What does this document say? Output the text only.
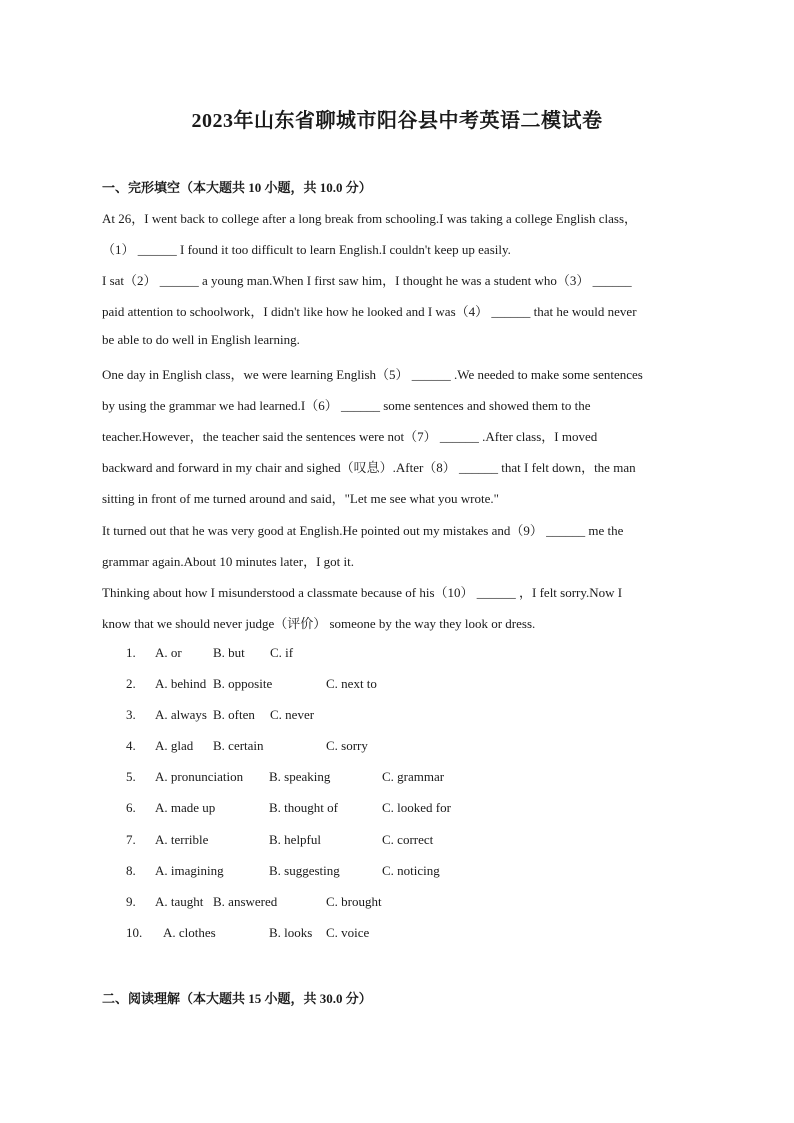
2023年山东省聊城市阳谷县中考英语二模试卷
一、完形填空（本大题共 10 小题，共 10.0 分）
At 26，I went back to college after a long break from schooling.I was taking a college English class，
（1） ______ I found it too difficult to learn English.I couldn't keep up easily.
I sat（2） ______ a young man.When I first saw him，I thought he was a student who（3） ______
paid attention to schoolwork，I didn't like how he looked and I was（4） ______ that he would never
be able to do well in English learning.
One day in English class，we were learning English（5） ______ .We needed to make some sentences
by using the grammar we had learned.I（6） ______ some sentences and showed them to the
teacher.However，the teacher said the sentences were not（7） ______ .After class，I moved
backward and forward in my chair and sighed（叹息）.After（8） ______ that I felt down，the man
sitting in front of me turned around and said，"Let me see what you wrote."
It turned out that he was very good at English.He pointed out my mistakes and（9） ______ me the
grammar again.About 10 minutes later，I got it.
Thinking about how I misunderstood a classmate because of his（10） ______ ，I felt sorry.Now I
know that we should never judge（评价） someone by the way they look or dress.
1. A. or B. but C. if
2. A. behind B. opposite	C. next to
3. A. always B. often C. never
4. A. glad B. certain	C. sorry
5. A. pronunciation B. speaking	C. grammar
6. A. made up	B. thought of	C. looked for
7. A. terrible	B. helpful	C. correct
8. A. imagining	B. suggesting	C. noticing
9. A. taught B. answered	C. brought
10. A. clothes	B. looks C. voice
二、阅读理解（本大题共 15 小题，共 30.0 分）
